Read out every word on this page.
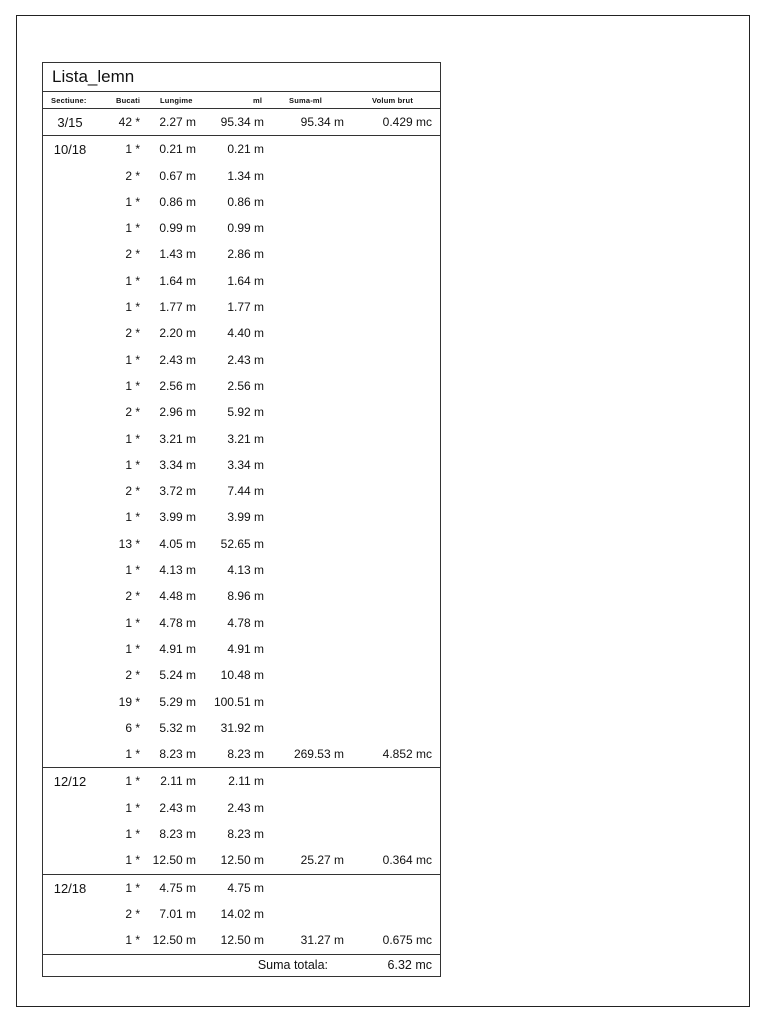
Lista_lemn
Sectiune:	Bucati	Lungime	ml	Suma-ml	Volum brut
3/15	42 * 2.27 m 95.34 m	95.34 m	0.429 mc
10/18	1 * 0.21 m	0.21 m
2 * 0.67 m	1.34 m
1 * 0.86 m	0.86 m
1 * 0.99 m	0.99 m
2 * 1.43 m	2.86 m
1 * 1.64 m	1.64 m
1 * 1.77 m	1.77 m
2 * 2.20 m	4.40 m
1 * 2.43 m	2.43 m
1 * 2.56 m	2.56 m
2 * 2.96 m	5.92 m
1 * 3.21 m	3.21 m
1 * 3.34 m	3.34 m
2 * 3.72 m	7.44 m
1 * 3.99 m	3.99 m
13 * 4.05 m 52.65 m
1 * 4.13 m	4.13 m
2 * 4.48 m	8.96 m
1 * 4.78 m	4.78 m
1 * 4.91 m	4.91 m
2 * 5.24 m 10.48 m
19 * 5.29 m 100.51 m
6 * 5.32 m 31.92 m
1 * 8.23 m	8.23 m 269.53 m	4.852 mc
12/12	1 * 2.11 m	2.11 m
1 * 2.43 m	2.43 m
1 * 8.23 m	8.23 m
1 * 12.50 m 12.50 m	25.27 m	0.364 mc
12/18	1 * 4.75 m	4.75 m
2 * 7.01 m 14.02 m
1 * 12.50 m 12.50 m	31.27 m	0.675 mc
Suma totala:	6.32 mc
